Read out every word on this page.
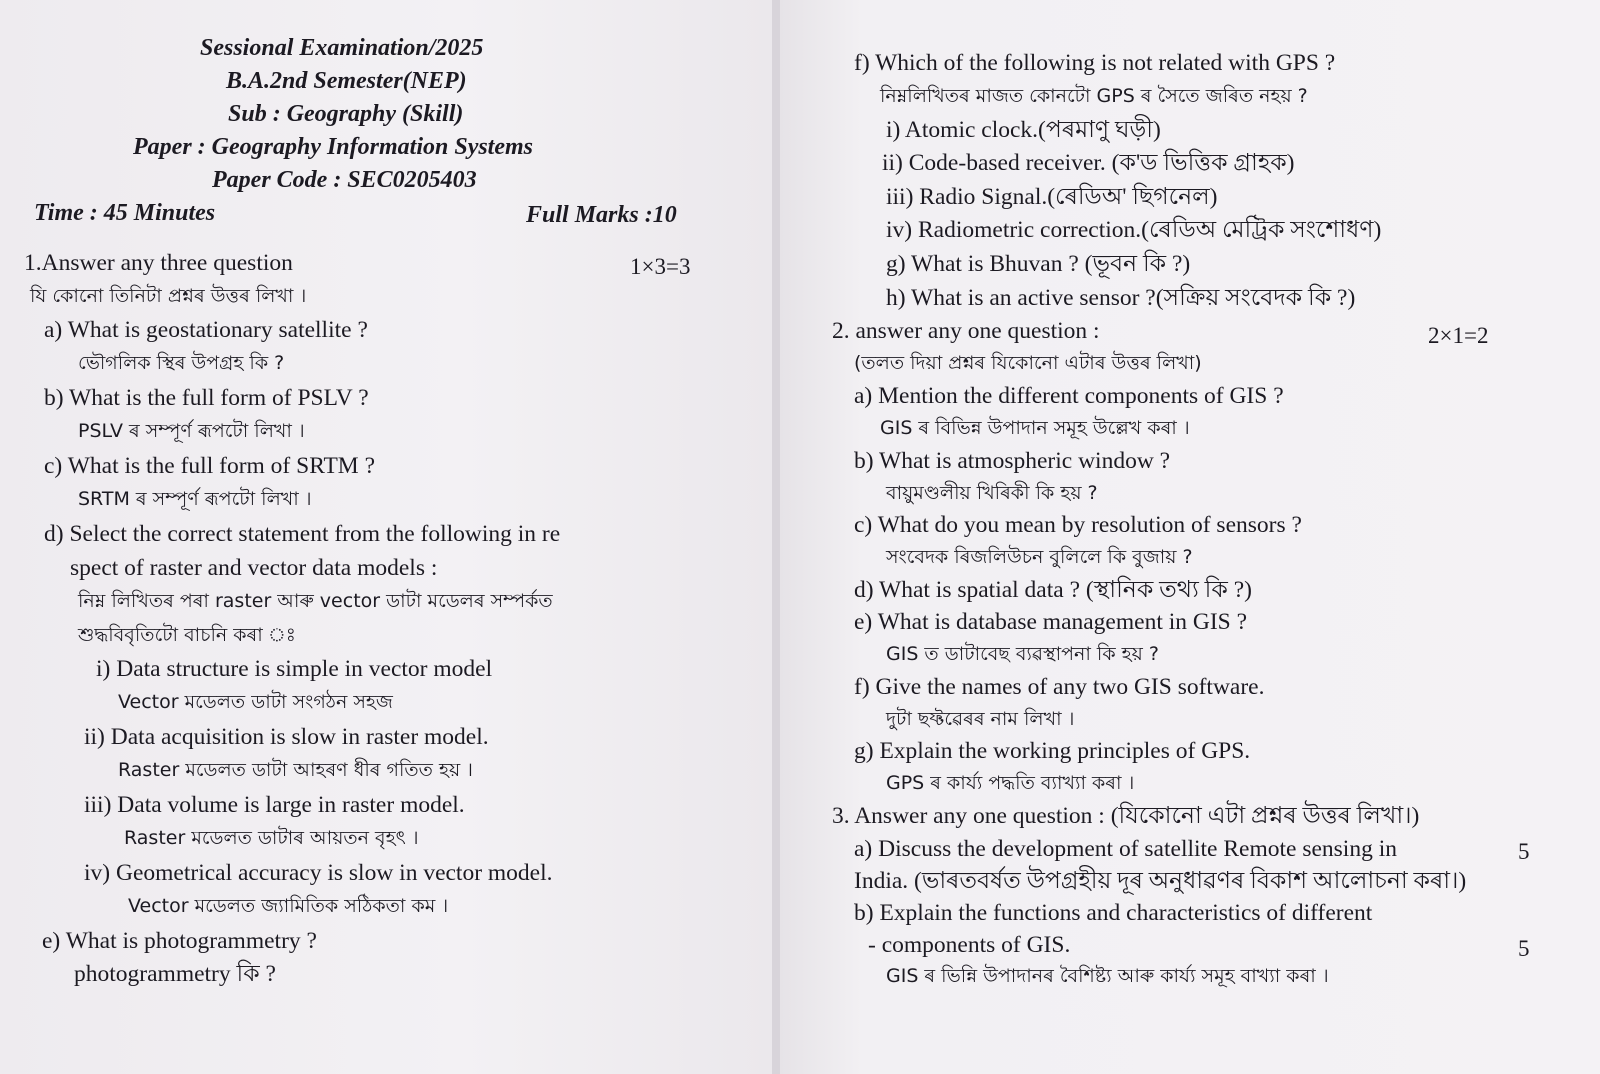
Sessional Examination/2025
B.A.2nd Semester(NEP)
Sub : Geography (Skill)
Paper : Geography Information Systems
Paper Code : SEC0205403
Time : 45 Minutes	Full Marks :10
1.Answer any three question	1×3=3
যি কোনো তিনিটা প্ৰশ্নৰ উত্তৰ লিখা ।
a) What is geostationary satellite ?
ভৌগলিক স্থিৰ উপগ্ৰহ কি ?
b) What is the full form of PSLV ?
PSLV ৰ সম্পূৰ্ণ ৰূপটো লিখা ।
c) What is the full form of SRTM ?
SRTM ৰ সম্পূৰ্ণ ৰূপটো লিখা ।
d) Select the correct statement from the following in re
spect of raster and vector data models :
নিম্ন লিখিতৰ পৰা raster আৰু vector ডাটা মডেলৰ সম্পৰ্কত
শুদ্ধবিবৃতিটো বাচনি কৰা ঃ
i) Data structure is simple in vector model
Vector মডেলত ডাটা সংগঠন সহজ
ii) Data acquisition is slow in raster model.
Raster মডেলত ডাটা আহৰণ ধীৰ গতিত হয় ।
iii) Data volume is large in raster model.
Raster মডেলত ডাটাৰ আয়তন বৃহৎ ।
iv) Geometrical accuracy is slow in vector model.
Vector মডেলত জ্যামিতিক সঠিকতা কম ।
e) What is photogrammetry ?
photogrammetry কি ?
f) Which of the following is not related with GPS ?
নিম্নলিখিতৰ মাজত কোনটো GPS ৰ সৈতে জৰিত নহয় ?
i) Atomic clock.(পৰমাণু ঘড়ী)
ii) Code-based receiver. (ক'ড ভিত্তিক গ্ৰাহক)
iii) Radio Signal.(ৰেডিঅ' ছিগনেল)
iv) Radiometric correction.(ৰেডিঅ মেট্ৰিক সংশোধণ)
g) What is Bhuvan ? (ভূবন কি ?)
h) What is an active sensor ?(সক্ৰিয় সংবেদক কি ?)
2. answer any one question :	2×1=2
(তলত দিয়া প্ৰশ্নৰ যিকোনো এটাৰ উত্তৰ লিখা)
a) Mention the different components of GIS ?
GIS ৰ বিভিন্ন উপাদান সমূহ উল্লেখ কৰা ।
b) What is atmospheric window ?
বায়ুমণ্ডলীয় খিৰিকী কি হয় ?
c) What do you mean by resolution of sensors ?
সংবেদক ৰিজলিউচন বুলিলে কি বুজায় ?
d) What is spatial data ? (স্থানিক তথ্য কি ?)
e) What is database management in GIS ?
GIS ত ডাটাবেছ ব্যৱস্থাপনা কি হয় ?
f) Give the names of any two GIS software.
দুটা ছফ্টৱেৰৰ নাম লিখা ।
g) Explain the working principles of GPS.
GPS ৰ কাৰ্য্য পদ্ধতি ব্যাখ্যা কৰা ।
3. Answer any one question : (যিকোনো এটা প্ৰশ্নৰ উত্তৰ লিখা।)
a) Discuss the development of satellite Remote sensing in	5
India. (ভাৰতবৰ্ষত উপগ্ৰহীয় দূৰ অনুধাৱণৰ বিকাশ আলোচনা কৰা।)
b) Explain the functions and characteristics of different
- components of GIS.	5
GIS ৰ ভিন্নি উপাদানৰ বৈশিষ্ট্য আৰু কাৰ্য্য সমূহ বাখ্যা কৰা ।
